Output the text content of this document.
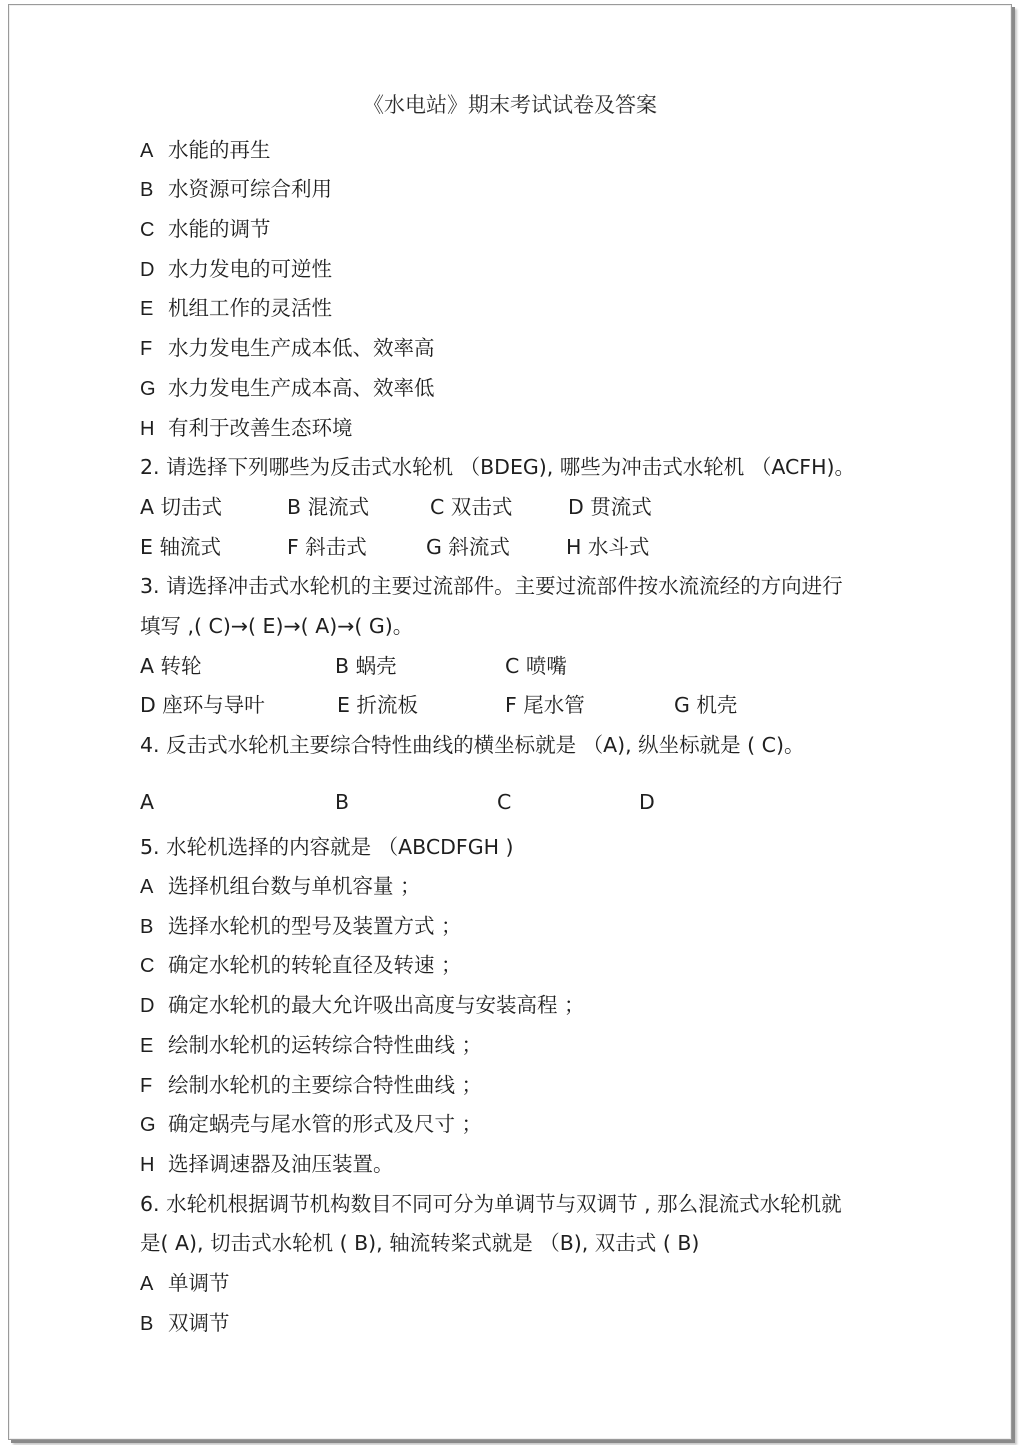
《水电站》期末考试试卷及答案
A 水能的再生
B 水资源可综合利用
C 水能的调节
D 水力发电的可逆性
E 机组工作的灵活性
F 水力发电生产成本低、效率高
G 水力发电生产成本高、效率低
H 有利于改善生态环境
2. 请选择下列哪些为反击式水轮机 （BDEG), 哪些为冲击式水轮机 （ACFH)。
A 切击式	B 混流式	C 双击式	D 贯流式
E 轴流式	F 斜击式	G 斜流式	H 水斗式
3. 请选择冲击式水轮机的主要过流部件。主要过流部件按水流流经的方向进行
填写 ,( C)→( E)→( A)→( G)。
A 转轮	B 蜗壳	C 喷嘴
D 座环与导叶	E 折流板	F 尾水管	G 机壳
4. 反击式水轮机主要综合特性曲线的横坐标就是 （A), 纵坐标就是 ( C)。
A	B	C	D
5. 水轮机选择的内容就是 （ABCDFGH )
A 选择机组台数与单机容量 ；
B 选择水轮机的型号及装置方式 ；
C 确定水轮机的转轮直径及转速 ；
D 确定水轮机的最大允许吸出高度与安装高程 ；
E 绘制水轮机的运转综合特性曲线 ；
F 绘制水轮机的主要综合特性曲线 ；
G 确定蜗壳与尾水管的形式及尺寸 ；
H 选择调速器及油压装置。
6. 水轮机根据调节机构数目不同可分为单调节与双调节 , 那么混流式水轮机就
是( A), 切击式水轮机 ( B), 轴流转桨式就是 （B), 双击式 ( B)
A 单调节
B 双调节
